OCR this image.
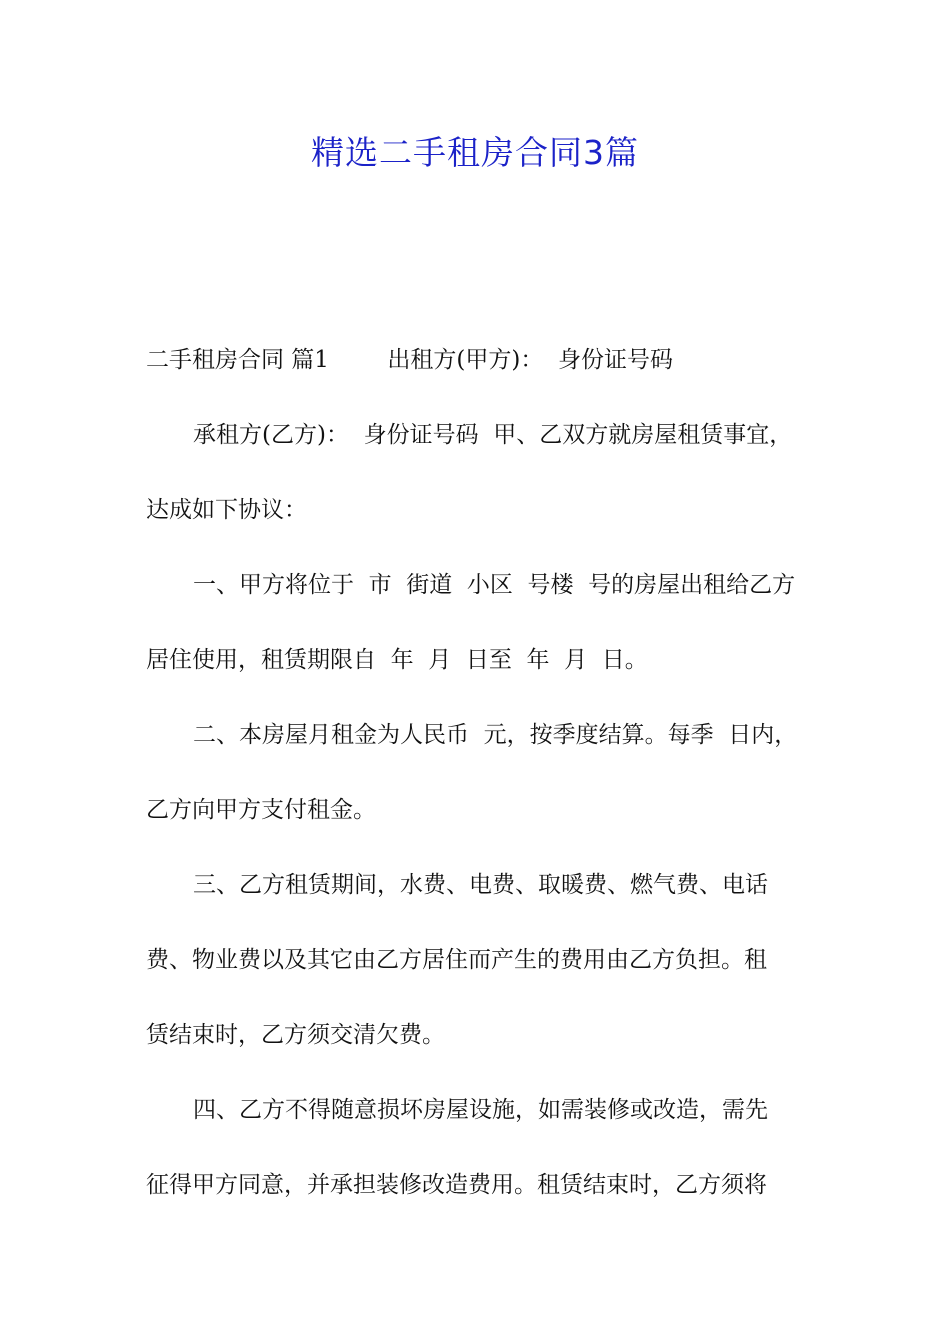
精选二手租房合同3篇
二手租房合同 篇1        出租方(甲方)：  身份证号码
承租方(乙方)：  身份证号码  甲、乙双方就房屋租赁事宜，
达成如下协议：
一、甲方将位于  市  街道  小区  号楼  号的房屋出租给乙方
居住使用，租赁期限自  年  月  日至  年  月  日。
二、本房屋月租金为人民币  元，按季度结算。每季  日内，
乙方向甲方支付租金。
三、乙方租赁期间，水费、电费、取暖费、燃气费、电话
费、物业费以及其它由乙方居住而产生的费用由乙方负担。租
赁结束时，乙方须交清欠费。
四、乙方不得随意损坏房屋设施，如需装修或改造，需先
征得甲方同意，并承担装修改造费用。租赁结束时，乙方须将
